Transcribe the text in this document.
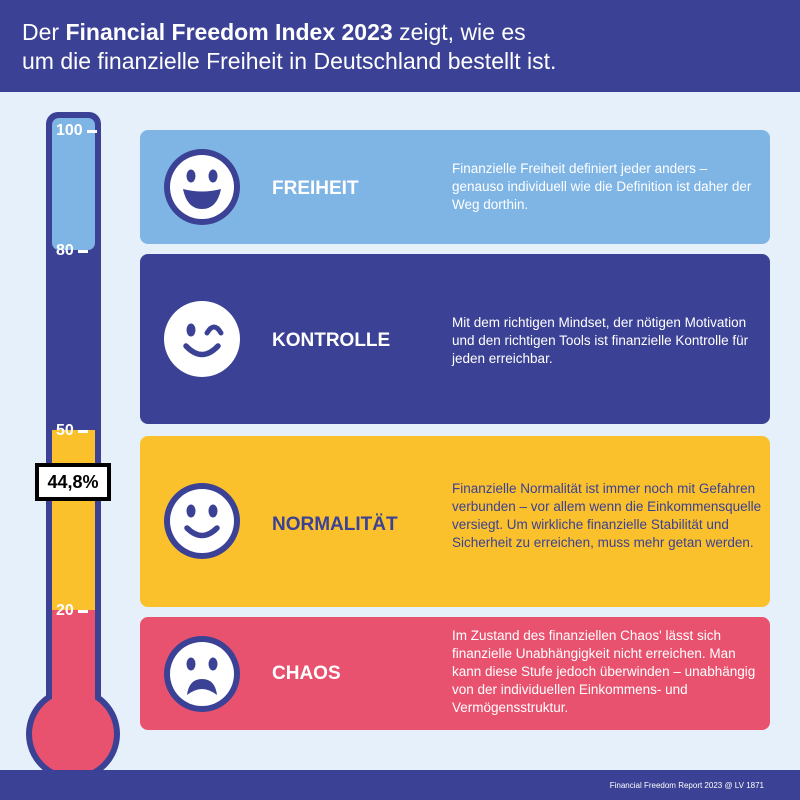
Der Financial Freedom Index 2023 zeigt, wie es
um die finanzielle Freiheit in Deutschland bestellt ist.
100
80
50
20
44,8%
FREIHEIT
Finanzielle Freiheit definiert jeder anders – genauso individuell wie die Definition ist daher der Weg dorthin.
KONTROLLE
Mit dem richtigen Mindset, der nötigen Motivation und den richtigen Tools ist finanzielle Kontrolle für jeden erreichbar.
NORMALITÄT
Finanzielle Normalität ist immer noch mit Gefahren verbunden – vor allem wenn die Einkommensquelle versiegt. Um wirkliche finanzielle Stabilität und Sicherheit zu erreichen, muss mehr getan werden.
CHAOS
Im Zustand des finanziellen Chaos' lässt sich finanzielle Unabhängigkeit nicht erreichen. Man kann diese Stufe jedoch überwinden – unabhängig von der individuellen Einkommens- und Vermögensstruktur.
Financial Freedom Report 2023 @ LV 1871
